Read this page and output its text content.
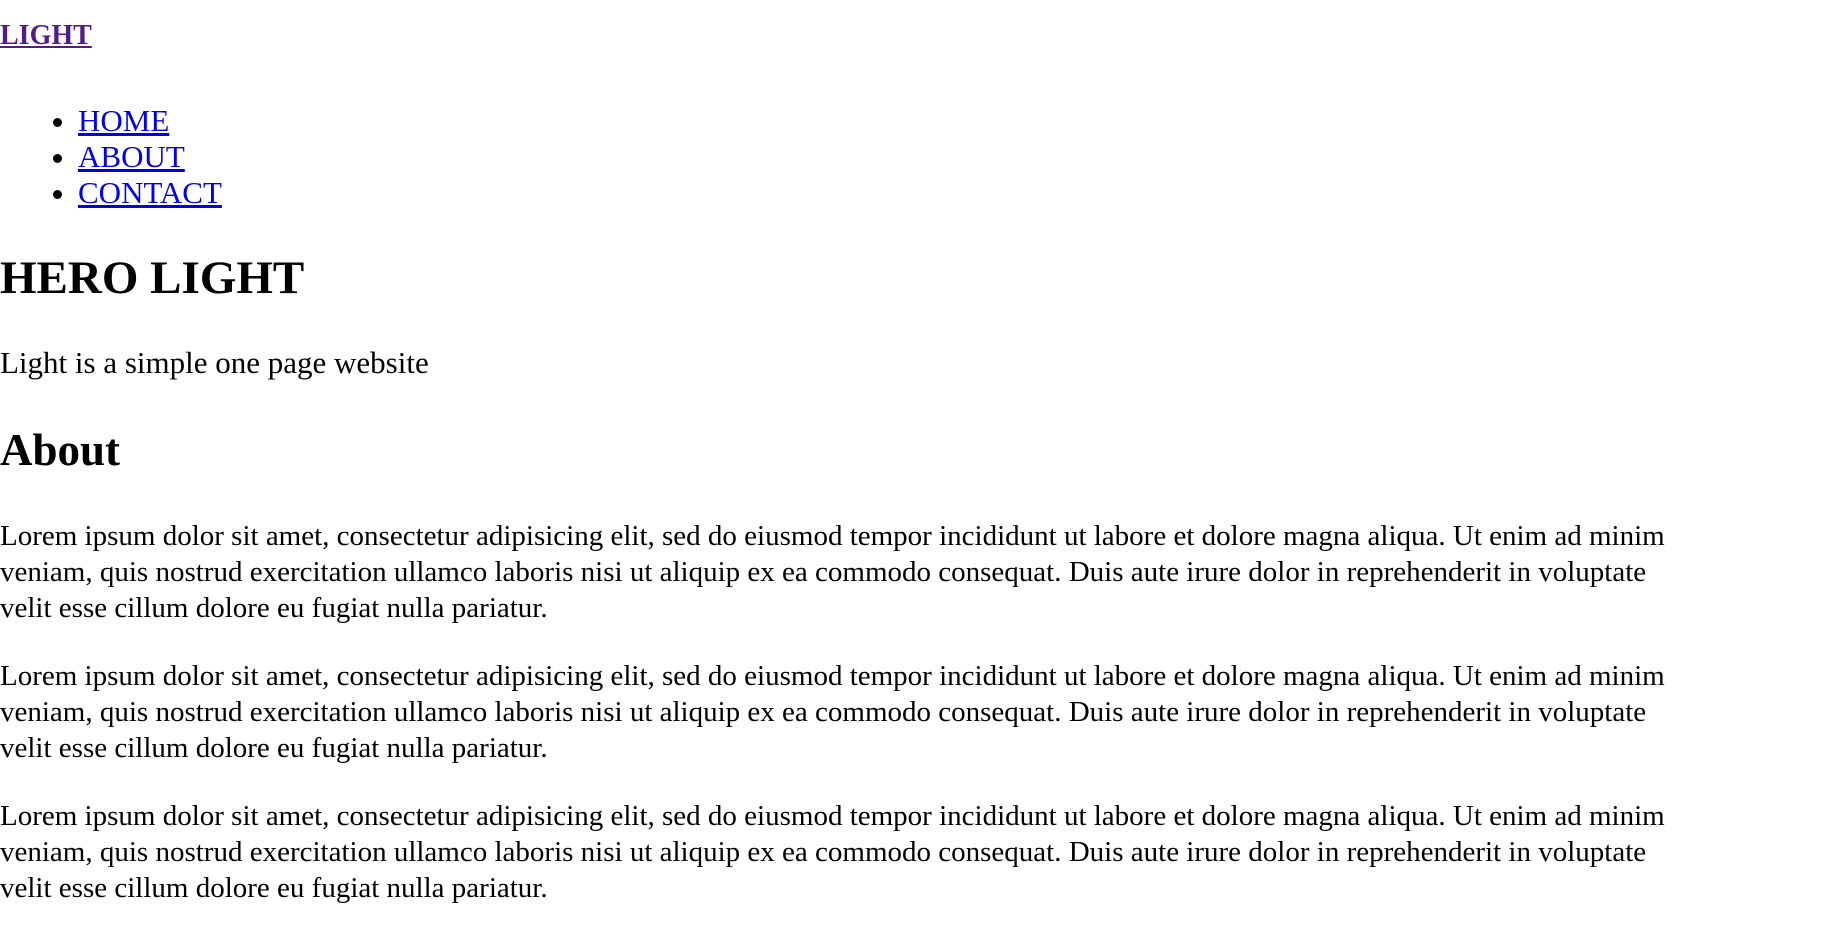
LIGHT
• HOME
• ABOUT
• CONTACT
HERO LIGHT

Light is a simple one page website

About

Lorem ipsum dolor sit amet, consectetur adipisicing elit, sed do eiusmod tempor incididunt ut labore et dolore magna aliqua. Ut enim ad minim
veniam, quis nostrud exercitation ullamco laboris nisi ut aliquip ex ea commodo consequat. Duis aute irure dolor in reprehenderit in voluptate
velit esse cillum dolore eu fugiat nulla pariatur.

Lorem ipsum dolor sit amet, consectetur adipisicing elit, sed do eiusmod tempor incididunt ut labore et dolore magna aliqua. Ut enim ad minim
veniam, quis nostrud exercitation ullamco laboris nisi ut aliquip ex ea commodo consequat. Duis aute irure dolor in reprehenderit in voluptate
velit esse cillum dolore eu fugiat nulla pariatur.

Lorem ipsum dolor sit amet, consectetur adipisicing elit, sed do eiusmod tempor incididunt ut labore et dolore magna aliqua. Ut enim ad minim
veniam, quis nostrud exercitation ullamco laboris nisi ut aliquip ex ea commodo consequat. Duis aute irure dolor in reprehenderit in voluptate
velit esse cillum dolore eu fugiat nulla pariatur.
